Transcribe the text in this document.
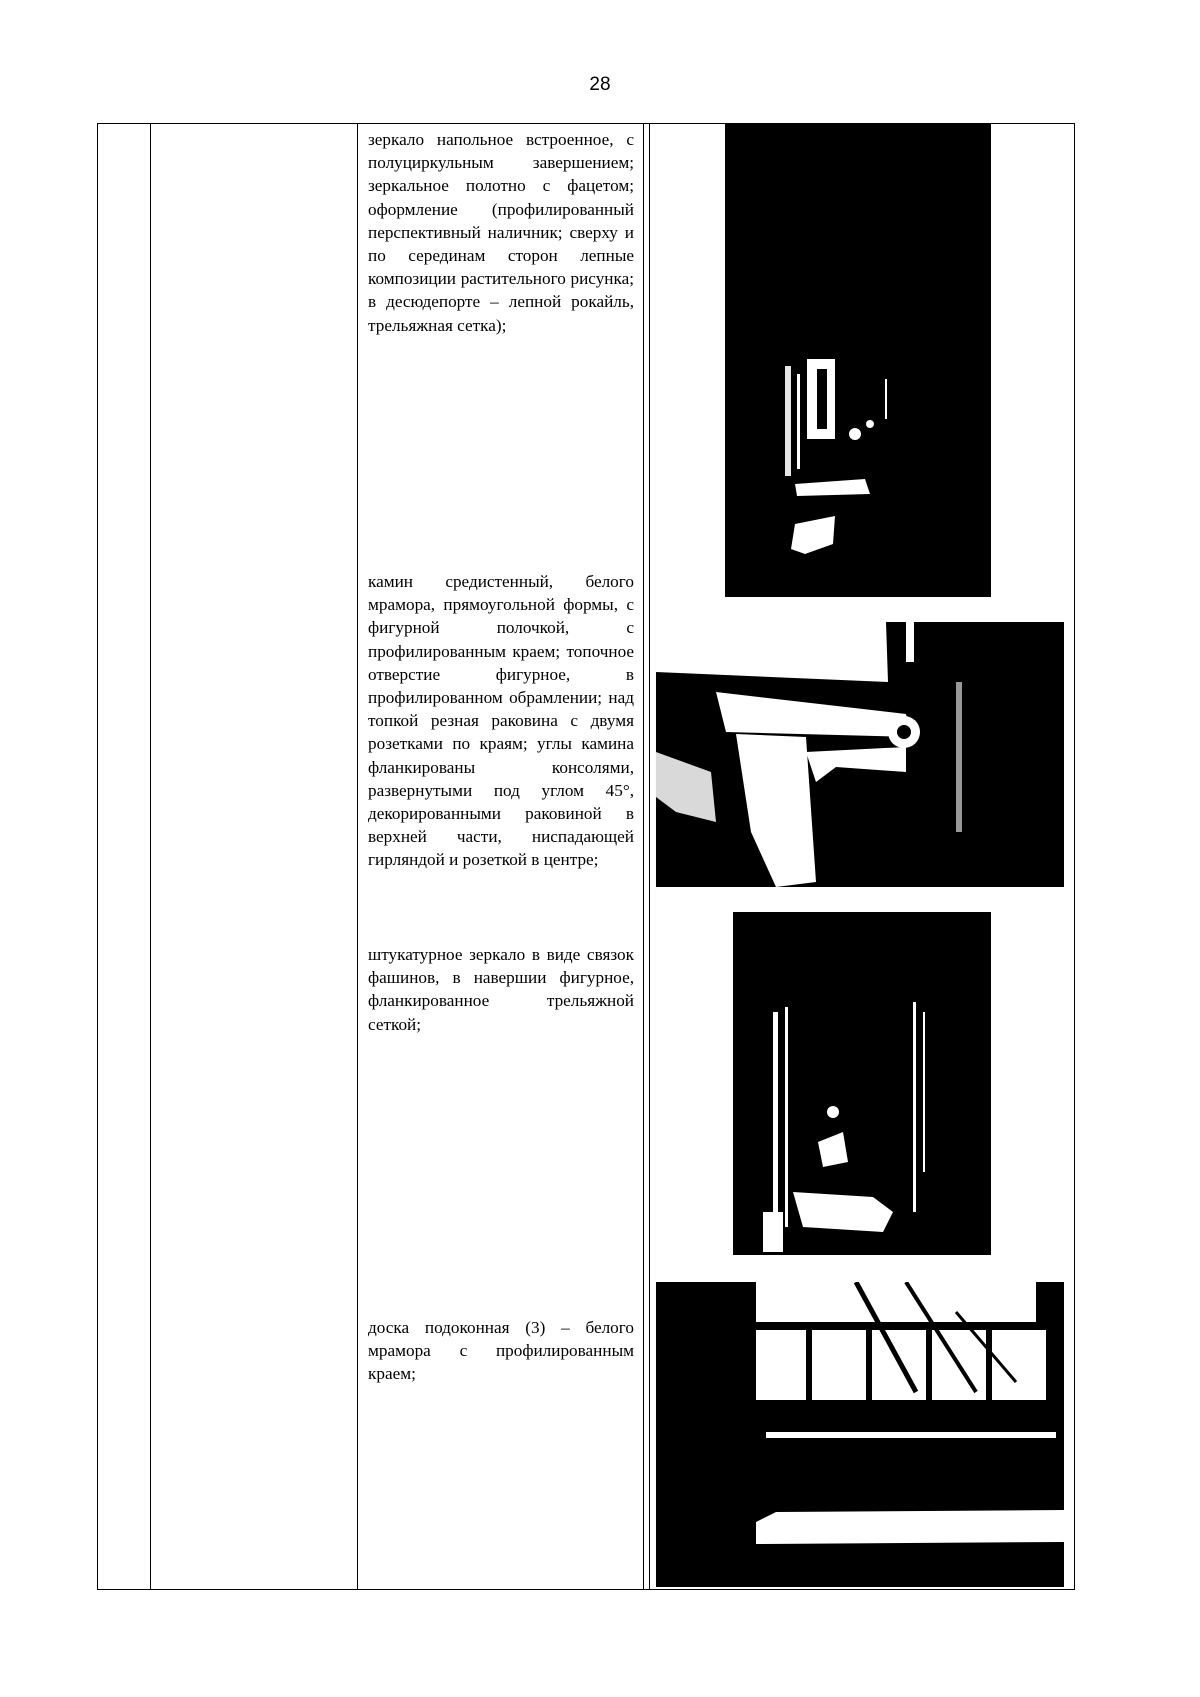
28
зеркало напольное встроенное, с полуциркульным завершением; зеркальное полотно с фацетом; оформление (профилированный перспективный наличник; сверху и по серединам сторон лепные композиции растительного рисунка; в десюдепорте – лепной рокайль, трельяжная сетка);
камин средистенный, белого мрамора, прямоугольной формы, с фигурной полочкой, с профилированным краем; топочное отверстие фигурное, в профилированном обрамлении; над топкой резная раковина с двумя розетками по краям; углы камина фланкированы консолями, развернутыми под углом 45°, декорированными раковиной в верхней части, ниспадающей гирляндой и розеткой в центре;
штукатурное зеркало в виде связок фашинов, в навершии фигурное, фланкированное трельяжной сеткой;
доска подоконная (3) – белого мрамора с профилированным краем;
